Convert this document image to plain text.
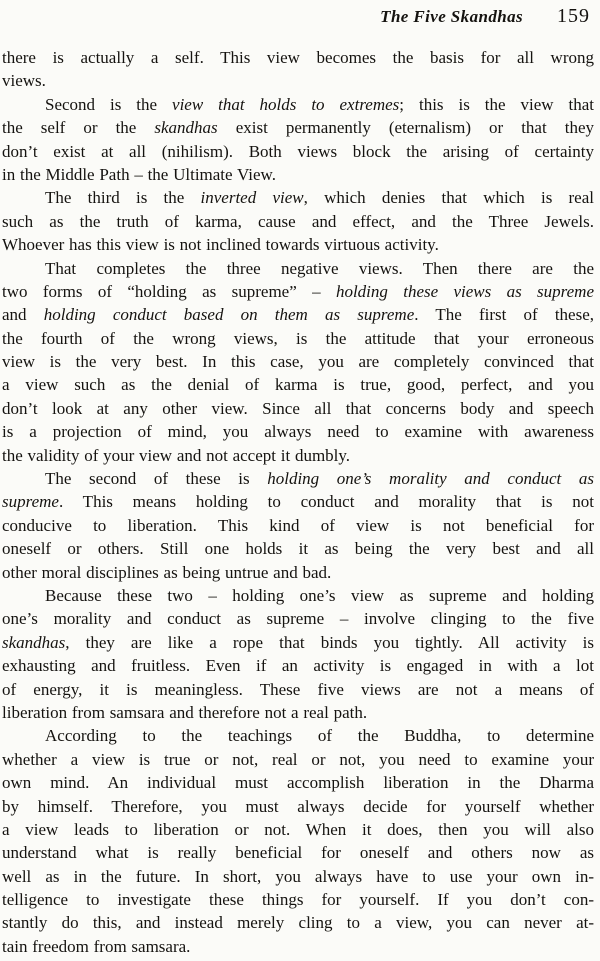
The Five Skandhas 159
there is actually a self. This view becomes the basis for all wrong
views.
Second is the view that holds to extremes; this is the view that
the self or the skandhas exist permanently (eternalism) or that they
don’t exist at all (nihilism). Both views block the arising of certainty
in the Middle Path – the Ultimate View.
The third is the inverted view, which denies that which is real
such as the truth of karma, cause and effect, and the Three Jewels.
Whoever has this view is not inclined towards virtuous activity.
That completes the three negative views. Then there are the
two forms of “holding as supreme” – holding these views as supreme
and holding conduct based on them as supreme. The first of these,
the fourth of the wrong views, is the attitude that your erroneous
view is the very best. In this case, you are completely convinced that
a view such as the denial of karma is true, good, perfect, and you
don’t look at any other view. Since all that concerns body and speech
is a projection of mind, you always need to examine with awareness
the validity of your view and not accept it dumbly.
The second of these is holding one’s morality and conduct as
supreme. This means holding to conduct and morality that is not
conducive to liberation. This kind of view is not beneficial for
oneself or others. Still one holds it as being the very best and all
other moral disciplines as being untrue and bad.
Because these two – holding one’s view as supreme and holding
one’s morality and conduct as supreme – involve clinging to the five
skandhas, they are like a rope that binds you tightly. All activity is
exhausting and fruitless. Even if an activity is engaged in with a lot
of energy, it is meaningless. These five views are not a means of
liberation from samsara and therefore not a real path.
According to the teachings of the Buddha, to determine
whether a view is true or not, real or not, you need to examine your
own mind. An individual must accomplish liberation in the Dharma
by himself. Therefore, you must always decide for yourself whether
a view leads to liberation or not. When it does, then you will also
understand what is really beneficial for oneself and others now as
well as in the future. In short, you always have to use your own in-
telligence to investigate these things for yourself. If you don’t con-
stantly do this, and instead merely cling to a view, you can never at-
tain freedom from samsara.
